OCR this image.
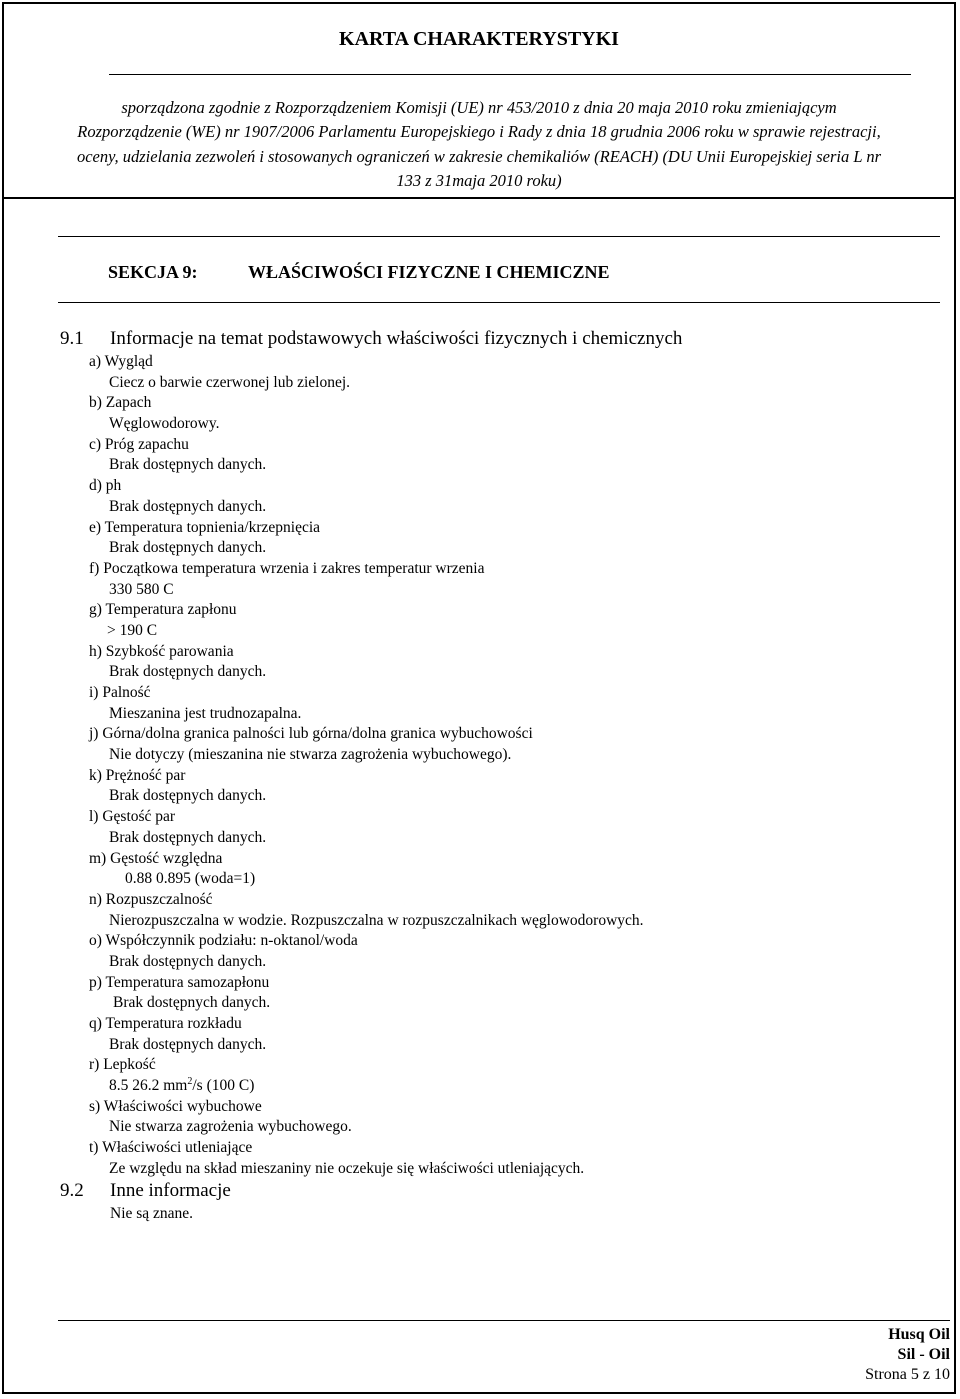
KARTA CHARAKTERYSTYKI
sporządzona zgodnie z Rozporządzeniem Komisji (UE) nr 453/2010 z dnia 20 maja 2010 roku zmieniającym
Rozporządzenie (WE) nr 1907/2006 Parlamentu Europejskiego i Rady z dnia 18 grudnia 2006 roku w sprawie rejestracji,
oceny, udzielania zezwoleń i stosowanych ograniczeń w zakresie chemikaliów (REACH) (DU Unii Europejskiej seria L nr
133 z 31maja 2010 roku)
SEKCJA 9:	WŁAŚCIWOŚCI FIZYCZNE I CHEMICZNE
9.1 Informacje na temat podstawowych właściwości fizycznych i chemicznych
a) Wygląd
Ciecz o barwie czerwonej lub zielonej.
b) Zapach
Węglowodorowy.
c) Próg zapachu
Brak dostępnych danych.
d) ph
Brak dostępnych danych.
e) Temperatura topnienia/krzepnięcia
Brak dostępnych danych.
f) Początkowa temperatura wrzenia i zakres temperatur wrzenia
330 580 C
g) Temperatura zapłonu
> 190 C
h) Szybkość parowania
Brak dostępnych danych.
i) Palność
Mieszanina jest trudnozapalna.
j) Górna/dolna granica palności lub górna/dolna granica wybuchowości
Nie dotyczy (mieszanina nie stwarza zagrożenia wybuchowego).
k) Prężność par
Brak dostępnych danych.
l) Gęstość par
Brak dostępnych danych.
m) Gęstość względna
0.88 0.895 (woda=1)
n) Rozpuszczalność
Nierozpuszczalna w wodzie. Rozpuszczalna w rozpuszczalnikach węglowodorowych.
o) Współczynnik podziału: n-oktanol/woda
Brak dostępnych danych.
p) Temperatura samozapłonu
Brak dostępnych danych.
q) Temperatura rozkładu
Brak dostępnych danych.
r) Lepkość
8.5 26.2 $mm^2/s$ (100 C)
s) Właściwości wybuchowe
Nie stwarza zagrożenia wybuchowego.
t) Właściwości utleniające
Ze względu na skład mieszaniny nie oczekuje się właściwości utleniających.
9.2 Inne informacje
Nie są znane.
Husq Oil
Sil - Oil
Strona 5 z 10
